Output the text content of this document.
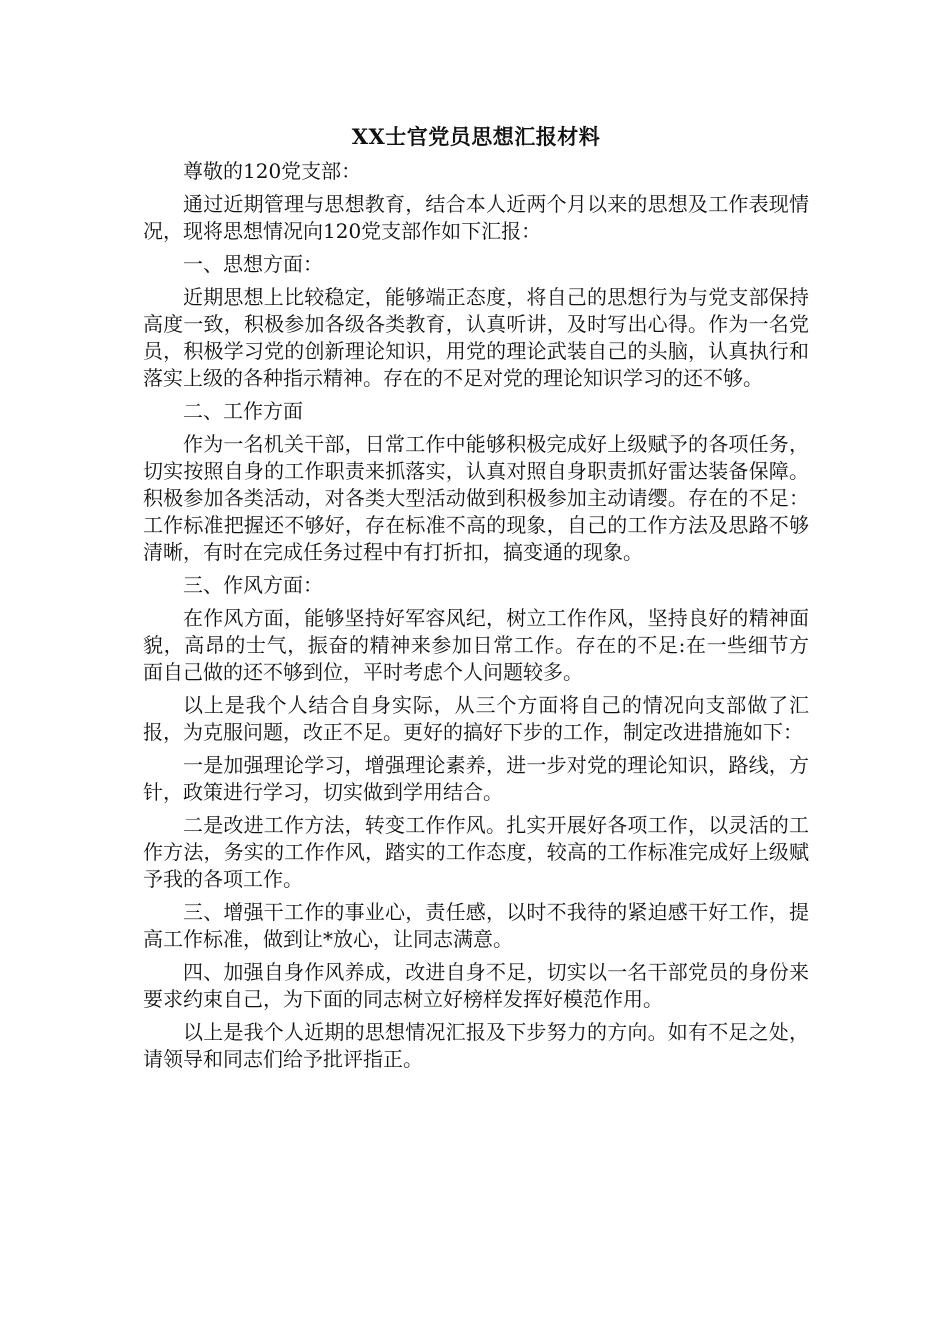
XX士官党员思想汇报材料
尊敬的120党支部：
通过近期管理与思想教育，结合本人近两个月以来的思想及工作表现情况，现将思想情况向120党支部作如下汇报：
一、思想方面：
近期思想上比较稳定，能够端正态度，将自己的思想行为与党支部保持高度一致，积极参加各级各类教育，认真听讲，及时写出心得。作为一名党员，积极学习党的创新理论知识，用党的理论武装自己的头脑，认真执行和落实上级的各种指示精神。存在的不足对党的理论知识学习的还不够。
二、工作方面
作为一名机关干部，日常工作中能够积极完成好上级赋予的各项任务，切实按照自身的工作职责来抓落实，认真对照自身职责抓好雷达装备保障。积极参加各类活动，对各类大型活动做到积极参加主动请缨。存在的不足：工作标准把握还不够好，存在标准不高的现象，自己的工作方法及思路不够清晰，有时在完成任务过程中有打折扣，搞变通的现象。
三、作风方面：
在作风方面，能够坚持好军容风纪，树立工作作风，坚持良好的精神面貌，高昂的士气，振奋的精神来参加日常工作。存在的不足:在一些细节方面自己做的还不够到位，平时考虑个人问题较多。
以上是我个人结合自身实际，从三个方面将自己的情况向支部做了汇报，为克服问题，改正不足。更好的搞好下步的工作，制定改进措施如下：
一是加强理论学习，增强理论素养，进一步对党的理论知识，路线，方针，政策进行学习，切实做到学用结合。
二是改进工作方法，转变工作作风。扎实开展好各项工作，以灵活的工作方法，务实的工作作风，踏实的工作态度，较高的工作标准完成好上级赋予我的各项工作。
三、增强干工作的事业心，责任感，以时不我待的紧迫感干好工作，提高工作标准，做到让*放心，让同志满意。
四、加强自身作风养成，改进自身不足，切实以一名干部党员的身份来要求约束自己，为下面的同志树立好榜样发挥好模范作用。
以上是我个人近期的思想情况汇报及下步努力的方向。如有不足之处，请领导和同志们给予批评指正。
